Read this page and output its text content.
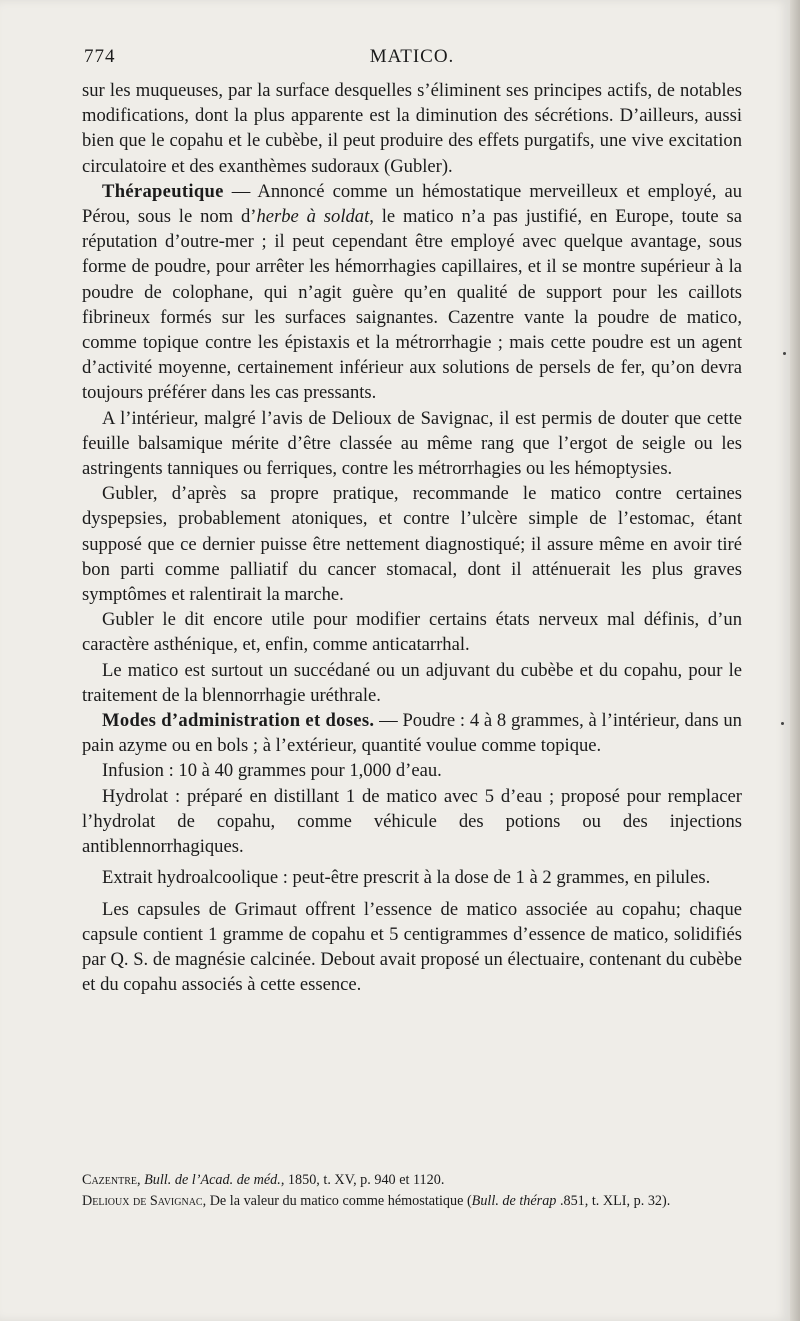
774	MATICO.

sur les muqueuses, par la surface desquelles s’éliminent ses principes actifs, de notables modifications, dont la plus apparente est la diminution des sécrétions. D’ailleurs, aussi bien que le copahu et le cubèbe, il peut produire des effets purgatifs, une vive excitation circulatoire et des exanthèmes sudoraux (Gubler).

Thérapeutique — Annoncé comme un hémostatique merveilleux et employé, au Pérou, sous le nom d’herbe à soldat, le matico n’a pas justifié, en Europe, toute sa réputation d’outre-mer ; il peut cependant être employé avec quelque avantage, sous forme de poudre, pour arrêter les hémorrhagies capillaires, et il se montre supérieur à la poudre de colophane, qui n’agit guère qu’en qualité de support pour les caillots fibrineux formés sur les surfaces saignantes. Cazentre vante la poudre de matico, comme topique contre les épistaxis et la métrorrhagie ; mais cette poudre est un agent d’activité moyenne, certainement inférieur aux solutions de persels de fer, qu’on devra toujours préférer dans les cas pressants.

A l’intérieur, malgré l’avis de Delioux de Savignac, il est permis de douter que cette feuille balsamique mérite d’être classée au même rang que l’ergot de seigle ou les astringents tanniques ou ferriques, contre les métrorrhagies ou les hémoptysies.

Gubler, d’après sa propre pratique, recommande le matico contre certaines dyspepsies, probablement atoniques, et contre l’ulcère simple de l’estomac, étant supposé que ce dernier puisse être nettement diagnostiqué; il assure même en avoir tiré bon parti comme palliatif du cancer stomacal, dont il atténuerait les plus graves symptômes et ralentirait la marche.

Gubler le dit encore utile pour modifier certains états nerveux mal définis, d’un caractère asthénique, et, enfin, comme anticatarrhal.

Le matico est surtout un succédané ou un adjuvant du cubèbe et du copahu, pour le traitement de la blennorrhagie uréthrale.

Modes d’administration et doses. — Poudre : 4 à 8 grammes, à l’intérieur, dans un pain azyme ou en bols ; à l’extérieur, quantité voulue comme topique.

Infusion : 10 à 40 grammes pour 1,000 d’eau.

Hydrolat : préparé en distillant 1 de matico avec 5 d’eau ; proposé pour remplacer l’hydrolat de copahu, comme véhicule des potions ou des injections antiblennorrhagiques.

Extrait hydroalcoolique : peut-être prescrit à la dose de 1 à 2 grammes, en pilules.

Les capsules de Grimaut offrent l’essence de matico associée au copahu; chaque capsule contient 1 gramme de copahu et 5 centigrammes d’essence de matico, solidifiés par Q. S. de magnésie calcinée. Debout avait proposé un électuaire, contenant du cubèbe et du copahu associés à cette essence.

Cazentre, Bull. de l’Acad. de méd., 1850, t. XV, p. 940 et 1120.

Delioux de Savignac, De la valeur du matico comme hémostatique (Bull. de thérap .851, t. XLI, p. 32).
